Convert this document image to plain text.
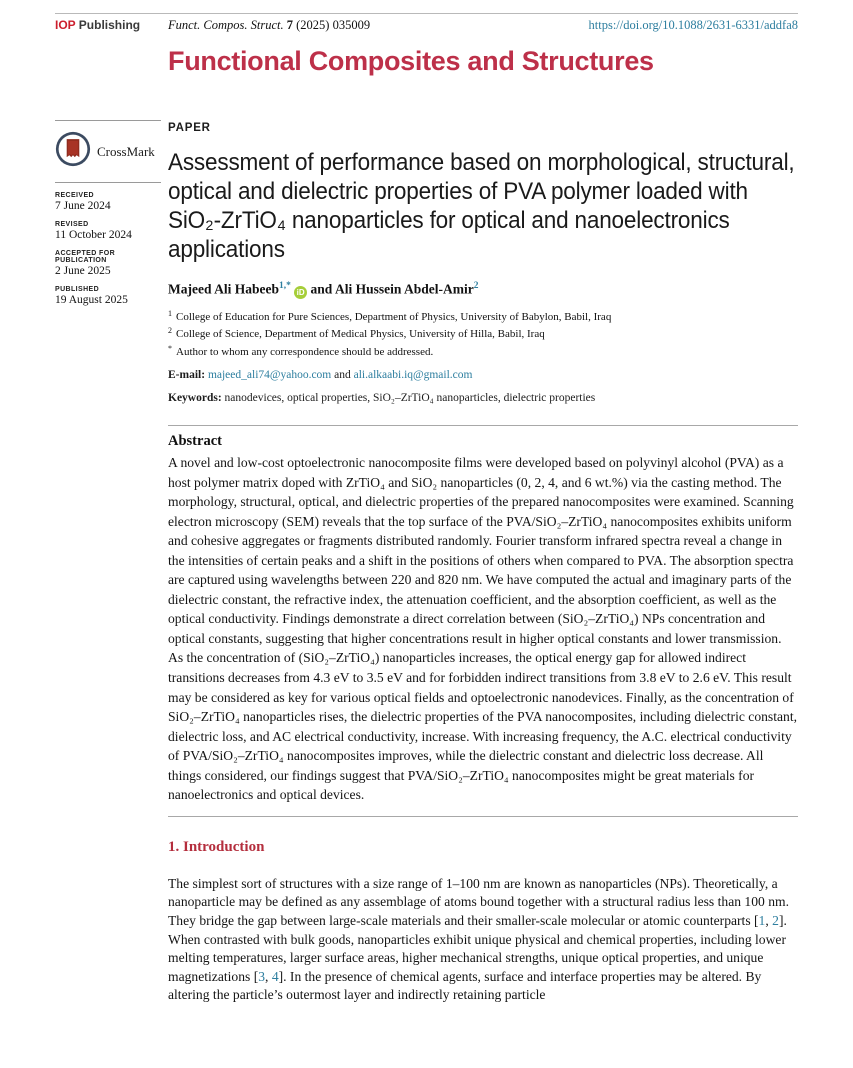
IOP Publishing Funct. Compos. Struct. 7 (2025) 035009	https://doi.org/10.1088/2631-6331/addfa8
Functional Composites and Structures
CrossMark
RECEIVED
7 June 2024
REVISED
11 October 2024
ACCEPTED FOR PUBLICATION
2 June 2025
PUBLISHED
19 August 2025
PAPER
Assessment of performance based on morphological, structural, optical and dielectric properties of PVA polymer loaded with SiO₂-ZrTiO₄ nanoparticles for optical and nanoelectronics applications
Majeed Ali Habeeb$^{1,*}$ iD and Ali Hussein Abdel-Amir$^2$
$^1$ College of Education for Pure Sciences, Department of Physics, University of Babylon, Babil, Iraq
$^2$ College of Science, Department of Medical Physics, University of Hilla, Babil, Iraq
* Author to whom any correspondence should be addressed.
E-mail: majeed_ali74@yahoo.com and ali.alkaabi.iq@gmail.com
Keywords: nanodevices, optical properties, SiO₂–ZrTiO₄ nanoparticles, dielectric properties
Abstract
A novel and low-cost optoelectronic nanocomposite films were developed based on polyvinyl alcohol (PVA) as a host polymer matrix doped with ZrTiO₄ and SiO₂ nanoparticles (0, 2, 4, and 6 wt.%) via the casting method. The morphology, structural, optical, and dielectric properties of the prepared nanocomposites were examined. Scanning electron microscopy (SEM) reveals that the top surface of the PVA/SiO₂–ZrTiO₄ nanocomposites exhibits uniform and cohesive aggregates or fragments distributed randomly. Fourier transform infrared spectra reveal a change in the intensities of certain peaks and a shift in the positions of others when compared to PVA. The absorption spectra are captured using wavelengths between 220 and 820 nm. We have computed the actual and imaginary parts of the dielectric constant, the refractive index, the attenuation coefficient, and the absorption coefficient, as well as the optical conductivity. Findings demonstrate a direct correlation between (SiO₂–ZrTiO₄) NPs concentration and optical constants, suggesting that higher concentrations result in higher optical constants and lower transmission. As the concentration of (SiO₂–ZrTiO₄) nanoparticles increases, the optical energy gap for allowed indirect transitions decreases from 4.3 eV to 3.5 eV and for forbidden indirect transitions from 3.8 eV to 2.6 eV. This result may be considered as key for various optical fields and optoelectronic nanodevices. Finally, as the concentration of SiO₂–ZrTiO₄ nanoparticles rises, the dielectric properties of the PVA nanocomposites, including dielectric constant, dielectric loss, and AC electrical conductivity, increase. With increasing frequency, the A.C. electrical conductivity of PVA/SiO₂–ZrTiO₄ nanocomposites improves, while the dielectric constant and dielectric loss decrease. All things considered, our findings suggest that PVA/SiO₂–ZrTiO₄ nanocomposites might be great materials for nanoelectronics and optical devices.
1. Introduction
The simplest sort of structures with a size range of 1–100 nm are known as nanoparticles (NPs). Theoretically, a nanoparticle may be defined as any assemblage of atoms bound together with a structural radius less than 100 nm. They bridge the gap between large-scale materials and their smaller-scale molecular or atomic counterparts [1, 2]. When contrasted with bulk goods, nanoparticles exhibit unique physical and chemical properties, including lower melting temperatures, larger surface areas, higher mechanical strengths, unique optical properties, and unique magnetizations [3, 4]. In the presence of chemical agents, surface and interface properties may be altered. By altering the particle’s outermost layer and indirectly retaining particle
